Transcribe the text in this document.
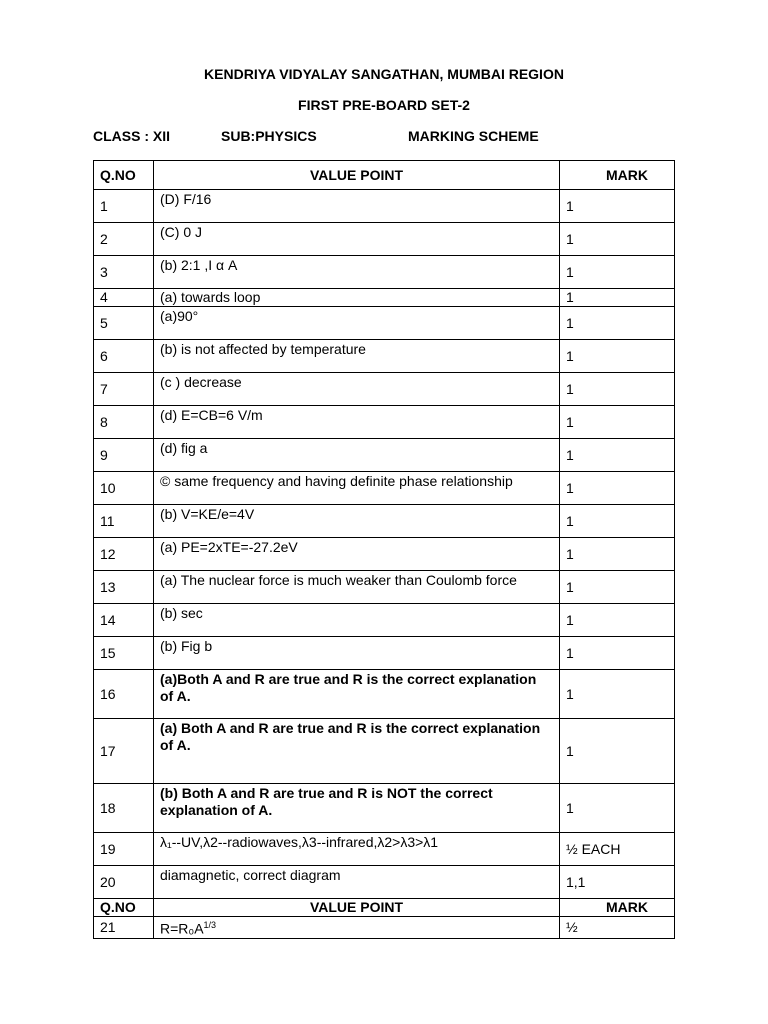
KENDRIYA VIDYALAY SANGATHAN, MUMBAI REGION
FIRST PRE-BOARD SET-2
CLASS : XII	SUB:PHYSICS	MARKING SCHEME
Q.NO	VALUE POINT	MARK
1	(D) F/16	1
2	(C) 0 J	1
3	(b) 2:1 ,I α A	1
4	(a) towards loop	1
5	(a)90°	1
6	(b) is not affected by temperature	1
7	(c ) decrease	1
8	(d) E=CB=6 V/m	1
9	(d) fig a	1
10	© same frequency and having definite phase relationship	1
11	(b) V=KE/e=4V	1
12	(a) PE=2xTE=-27.2eV	1
13	(a) The nuclear force is much weaker than Coulomb force	1
14	(b) sec	1
15	(b) Fig b	1
16	(a)Both A and R are true and R is the correct explanation of A.	1
17	(a) Both A and R are true and R is the correct explanation of A.	1
18	(b) Both A and R are true and R is NOT the correct explanation of A.	1
19	λ₁--UV,λ2--radiowaves,λ3--infrared,λ2>λ3>λ1	½ EACH
20	diamagnetic, correct diagram	1,1
Q.NO	VALUE POINT	MARK
21	$R=R_0A^{1/3}$	½
